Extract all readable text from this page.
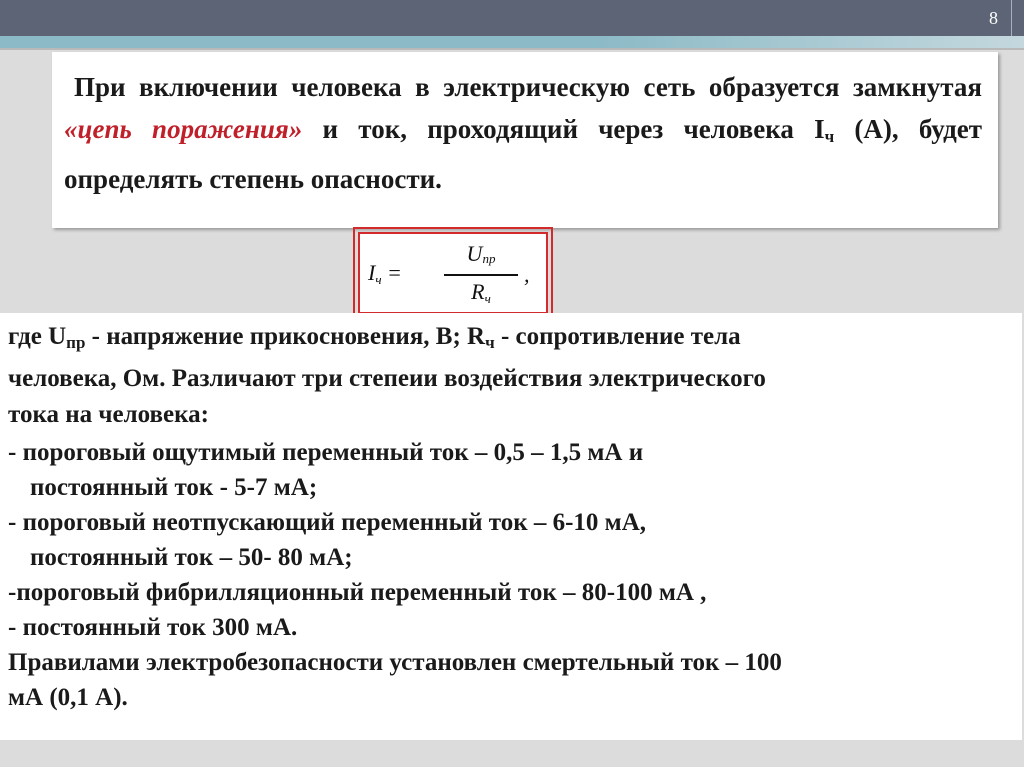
8
При включении человека в электрическую сеть образуется замкнутая «цепь поражения» и ток, проходящий через человека $I_ч$ (А), будет определять степень опасности.
Iч =
Uпр
Rч
,
где $U_{пр}$ - напряжение прикосновения, В; $R_ч$ - сопротивление тела
человека, Ом. Различают три степеии воздействия электрического
тока на человека:
- пороговый ощутимый переменный ток – 0,5 – 1,5 мА и
постоянный ток - 5-7 мА;
- пороговый неотпускающий переменный ток – 6-10 мА,
постоянный ток – 50- 80 мА;
-пороговый фибрилляционный переменный ток – 80-100 мА ,
- постоянный ток 300 мА.
Правилами электробезопасности установлен смертельный ток – 100
мА (0,1 А).
